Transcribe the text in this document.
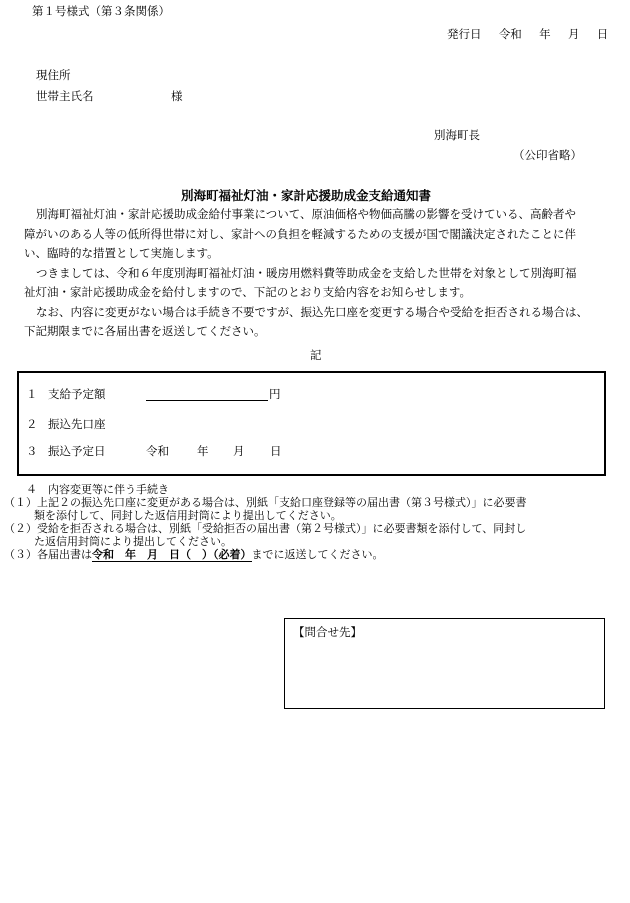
第１号様式（第３条関係）
発行日 令和 年 月 日
現住所
世帯主氏名	様
別海町長
（公印省略）
別海町福祉灯油・家計応援助成金支給通知書

別海町福祉灯油・家計応援助成金給付事業について、原油価格や物価高騰の影響を受けている、高齢者や

障がいのある人等の低所得世帯に対し、家計への負担を軽減するための支援が国で閣議決定されたことに伴

い、臨時的な措置として実施します。

つきましては、令和６年度別海町福祉灯油・暖房用燃料費等助成金を支給した世帯を対象として別海町福

祉灯油・家計応援助成金を給付しますので、下記のとおり支給内容をお知らせします。

なお、内容に変更がない場合は手続き不要ですが、振込先口座を変更する場合や受給を拒否される場合は、

下記期限までに各届出書を返送してください。

記
１ 支給予定額	円
２ 振込先口座
３ 振込予定日	令和 年 月 日
４　内容変更等に伴う手続き
（１）上記２の振込先口座に変更がある場合は、別紙「支給口座登録等の届出書（第３号様式）」に必要書
類を添付して、同封した返信用封筒により提出してください。
（２）受給を拒否される場合は、別紙「受給拒否の届出書（第２号様式）」に必要書類を添付して、同封し
た返信用封筒により提出してください。
（３）各届出書は令和　年　月　日（　）（必着）までに返送してください。
【問合せ先】
